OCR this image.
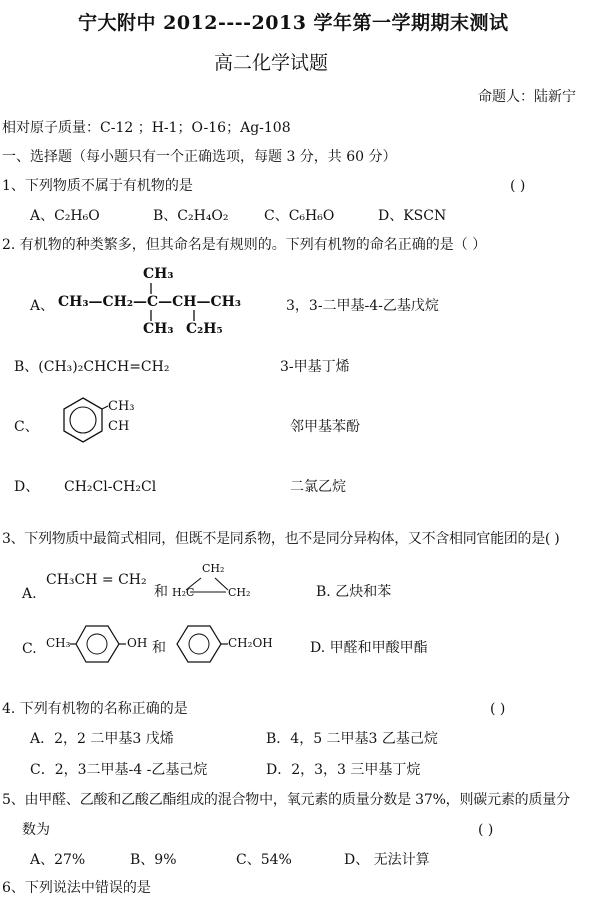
宁大附中 2012----2013 学年第一学期期末测试
高二化学试题
命题人：陆新宁
相对原子质量：C-12 ；H-1；O-16；Ag-108
一、选择题（每小题只有一个正确选项，每题 3 分，共 60 分）
1、下列物质不属于有机物的是	( )
A、C₂H₆O	B、C₂H₄O₂	C、C₆H₆O	D、KSCN
2. 有机物的种类繁多，但其命名是有规则的。下列有机物的命名正确的是（ ）
A、 CH₃—CH₂—C—CH—CH₃
CH₃
CH₃ C₂H₅
3，3-二甲基-4-乙基戊烷
B、(CH₃)₂CHCH=CH₂	3-甲基丁烯
C、
CH₃
CH	邻甲基苯酚
D、 CH₂Cl-CH₂Cl	二氯乙烷
3、下列物质中最简式相同，但既不是同系物，也不是同分异构体，又不含相同官能团的是( )
A.
CH₃CH = CH₂
和
CH₂
H₂C	CH₂	B. 乙炔和苯
C. CH₃	OH 和	CH₂OH	D. 甲醛和甲酸甲酯
4. 下列有机物的名称正确的是	( )
A．2，2 二甲基3 戊烯	B．4，5 二甲基3 乙基己烷
C．2，3二甲基-4 -乙基己烷	D．2，3，3 三甲基丁烷
5、由甲醛、乙酸和乙酸乙酯组成的混合物中，氧元素的质量分数是 37%，则碳元素的质量分
数为	( )
A、27%	B、9%	C、54%	D、 无法计算
6、下列说法中错误的是
